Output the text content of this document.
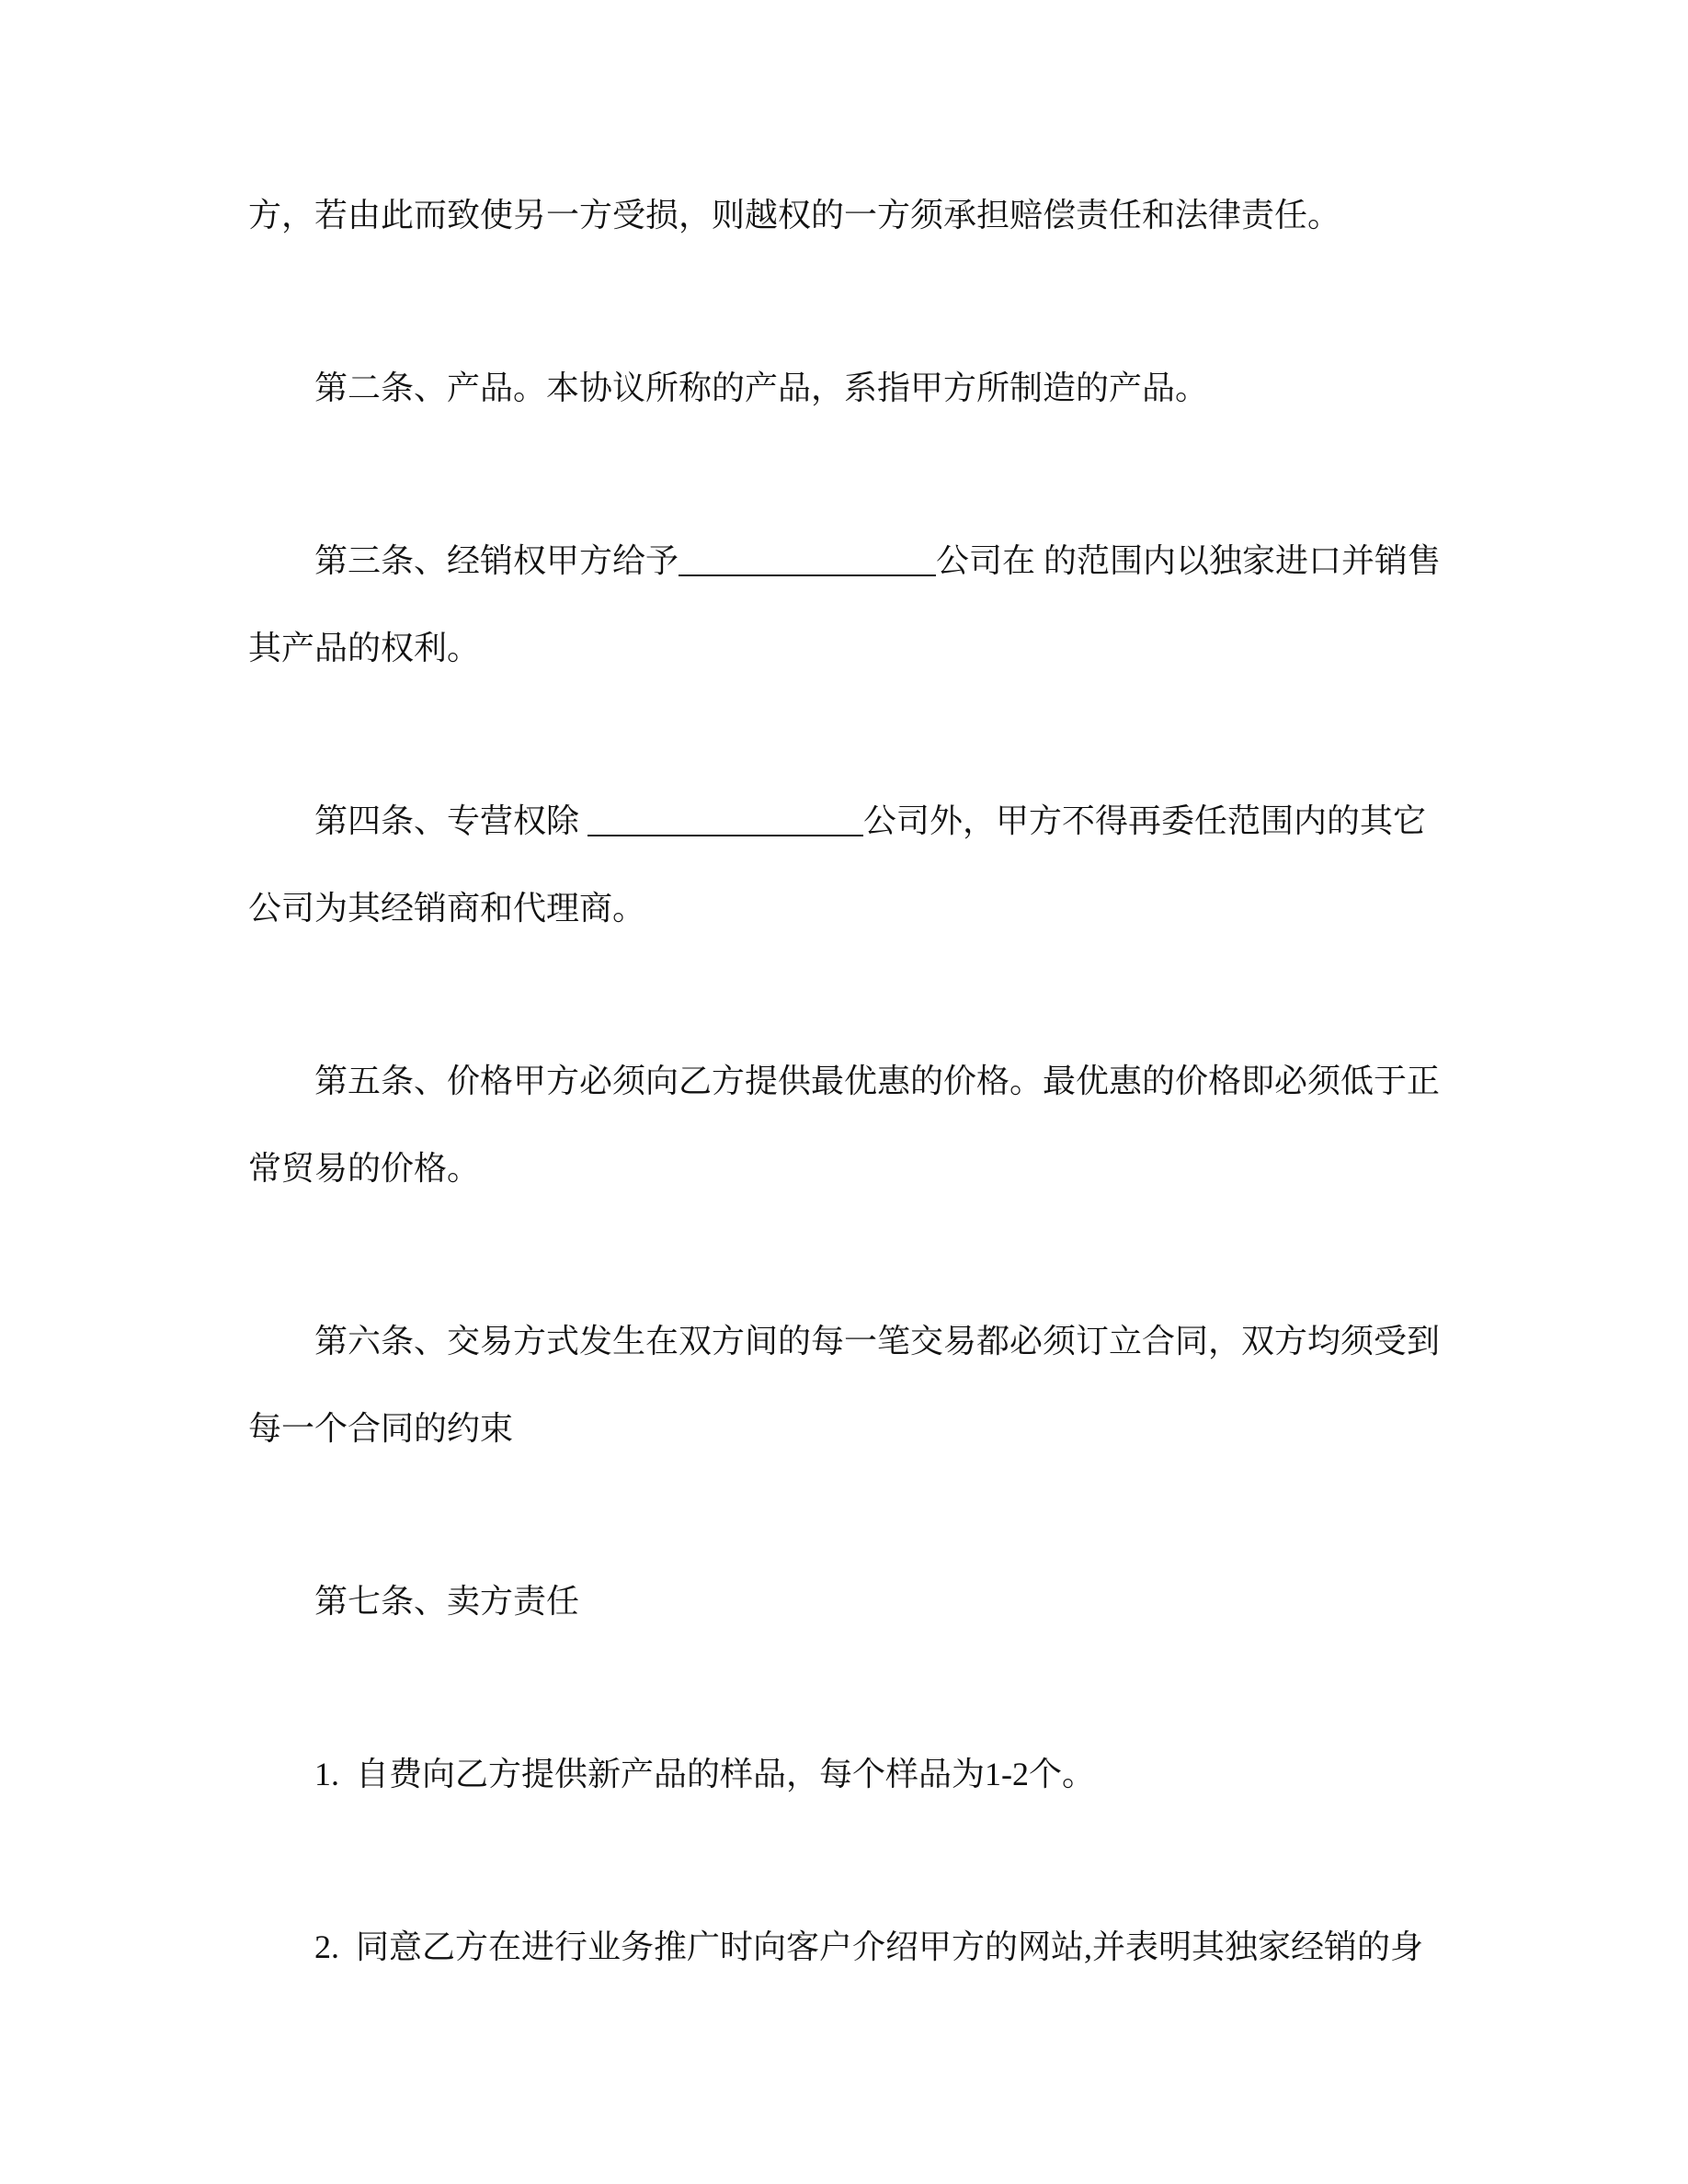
方，若由此而致使另一方受损，则越权的一方须承担赔偿责任和法律责任。

第二条、产品。本协议所称的产品，系指甲方所制造的产品。

第三条、经销权甲方给予	公司在 的范围内以独家进口并销售其产品的权利。

第四条、专营权除	公司外，甲方不得再委任范围内的其它公司为其经销商和代理商。

第五条、价格甲方必须向乙方提供最优惠的价格。最优惠的价格即必须低于正常贸易的价格。

第六条、交易方式发生在双方间的每一笔交易都必须订立合同，双方均须受到每一个合同的约束

第七条、卖方责任

1.  自费向乙方提供新产品的样品，每个样品为1-2个。

2.  同意乙方在进行业务推广时向客户介绍甲方的网站,并表明其独家经销的身
